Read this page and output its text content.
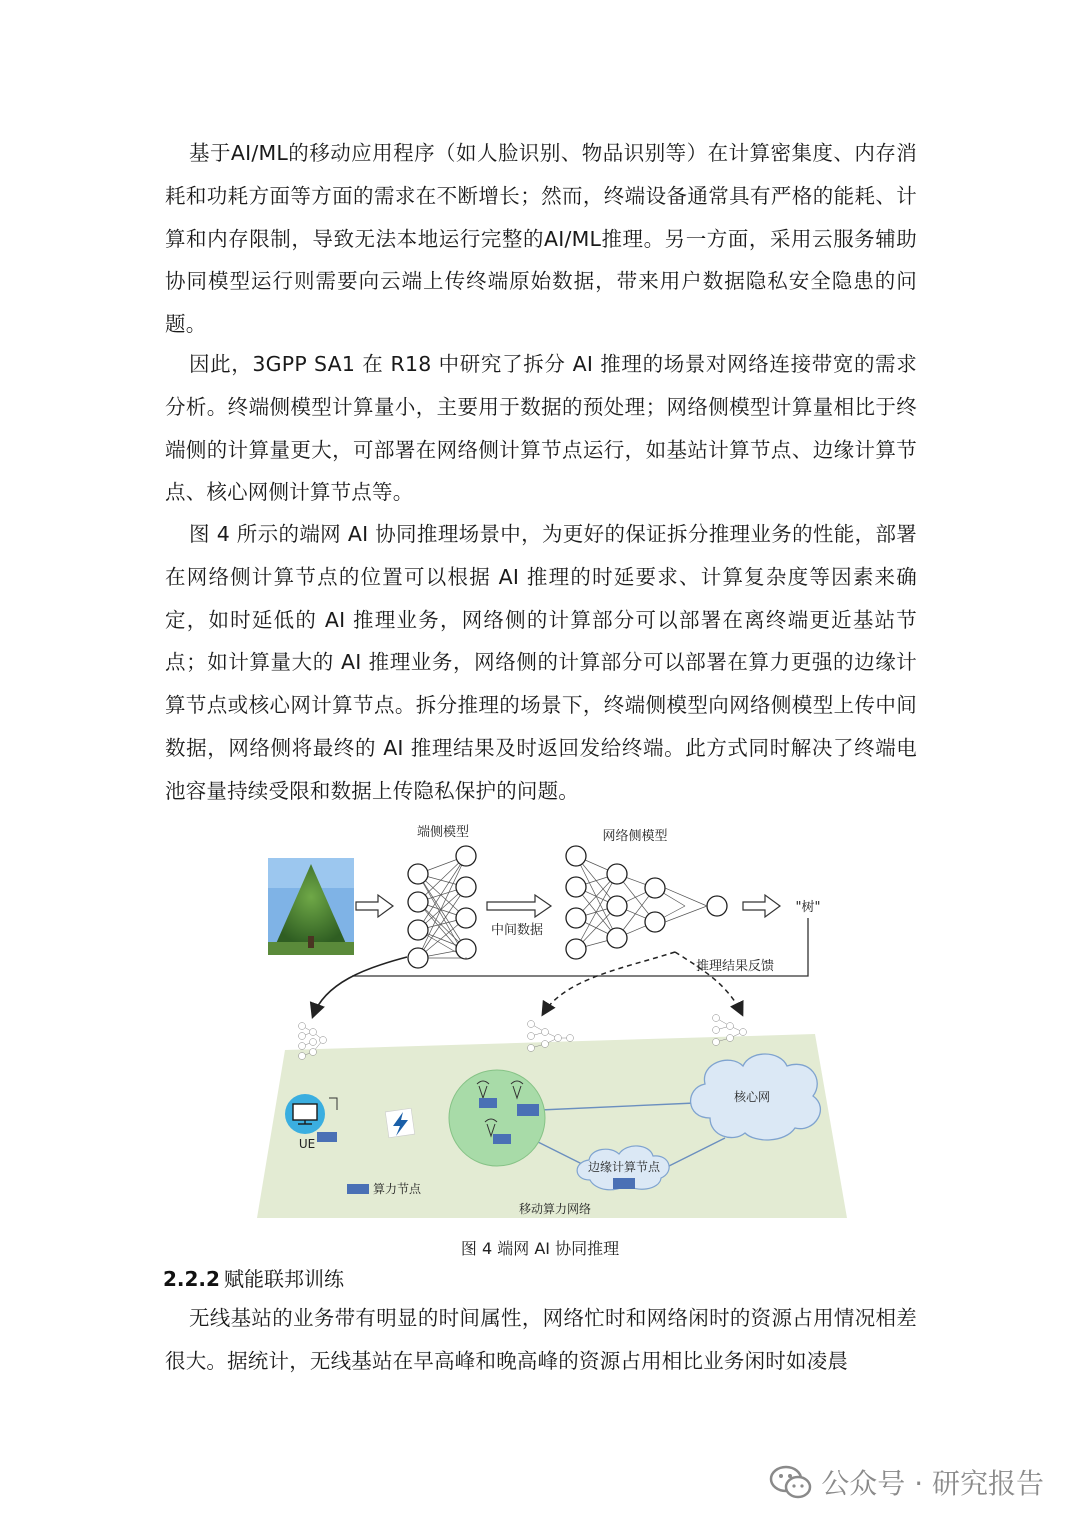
基于AI/ML的移动应用程序（如人脸识别、物品识别等）在计算密集度、内存消耗和功耗方面等方面的需求在不断增长；然而，终端设备通常具有严格的能耗、计算和内存限制，导致无法本地运行完整的AI/ML推理。另一方面，采用云服务辅助协同模型运行则需要向云端上传终端原始数据，带来用户数据隐私安全隐患的问题。

因此，3GPP SA1 在 R18 中研究了拆分 AI 推理的场景对网络连接带宽的需求分析。终端侧模型计算量小，主要用于数据的预处理；网络侧模型计算量相比于终端侧的计算量更大，可部署在网络侧计算节点运行，如基站计算节点、边缘计算节点、核心网侧计算节点等。

图 4 所示的端网 AI 协同推理场景中，为更好的保证拆分推理业务的性能，部署在网络侧计算节点的位置可以根据 AI 推理的时延要求、计算复杂度等因素来确定，如时延低的 AI 推理业务，网络侧的计算部分可以部署在离终端更近基站节点；如计算量大的 AI 推理业务，网络侧的计算部分可以部署在算力更强的边缘计算节点或核心网计算节点。拆分推理的场景下，终端侧模型向网络侧模型上传中间数据，网络侧将最终的 AI 推理结果及时返回发给终端。此方式同时解决了终端电池容量持续受限和数据上传隐私保护的问题。

端侧模型
中间数据
网络侧模型
"树"
推理结果反馈
核心网
边缘计算节点
UE
算力节点
移动算力网络
图 4 端网 AI 协同推理
2.2.2 赋能联邦训练

无线基站的业务带有明显的时间属性，网络忙时和网络闲时的资源占用情况相差很大。据统计，无线基站在早高峰和晚高峰的资源占用相比业务闲时如凌晨

公众号 · 研究报告
